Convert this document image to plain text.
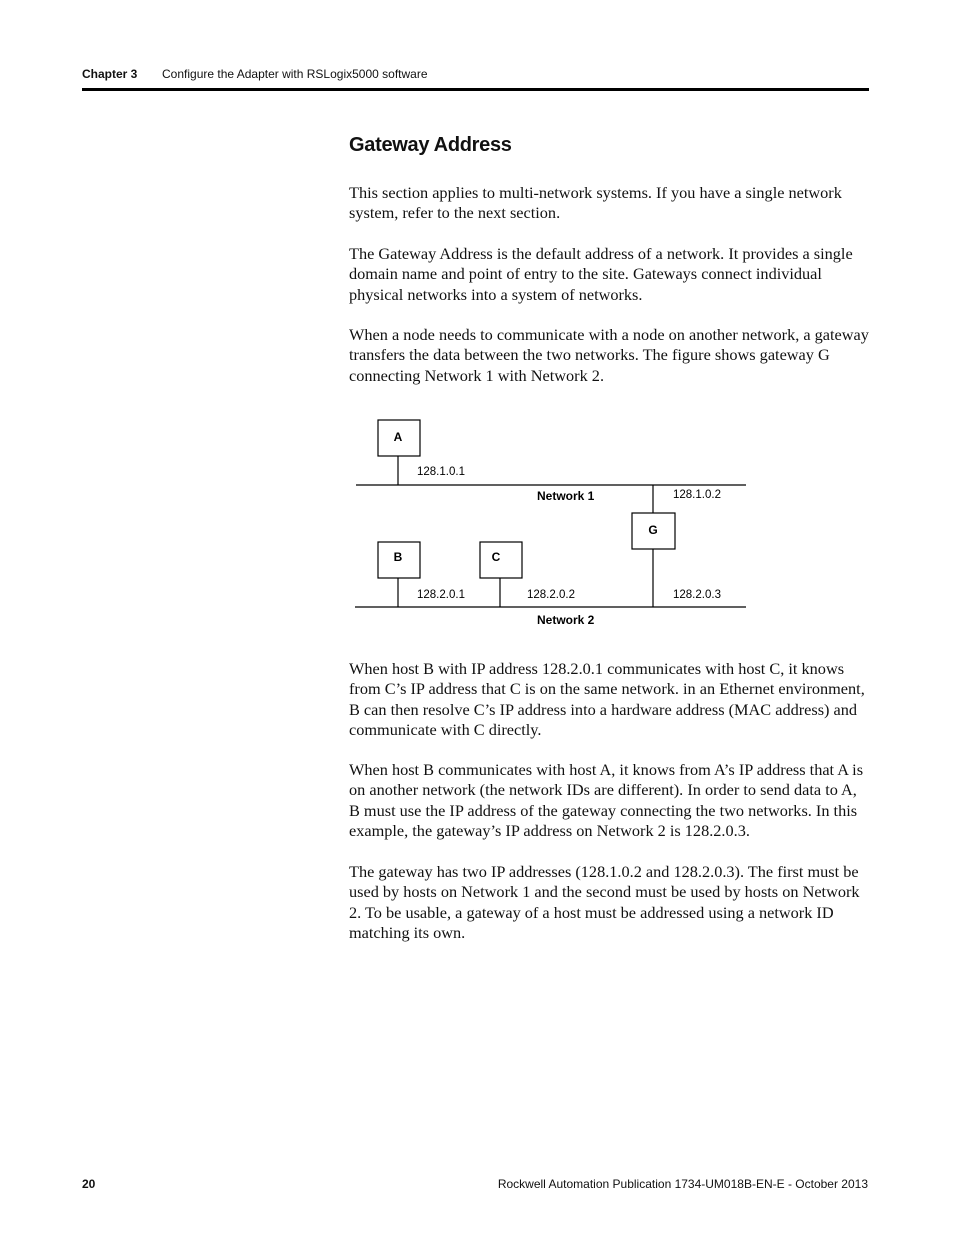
Chapter 3 Configure the Adapter with RSLogix5000 software
Gateway Address

This section applies to multi-network systems. If you have a single network system, refer to the next section.

The Gateway Address is the default address of a network. It provides a single domain name and point of entry to the site. Gateways connect individual physical networks into a system of networks.

When a node needs to communicate with a node on another network, a gateway transfers the data between the two networks. The figure shows gateway G connecting Network 1 with Network 2.

A
128.1.0.1
Network 1	128.1.0.2
G
128.2.0.3
B
128.2.0.1
C
128.2.0.2
Network 2

When host B with IP address 128.2.0.1 communicates with host C, it knows from C’s IP address that C is on the same network. in an Ethernet environment, B can then resolve C’s IP address into a hardware address (MAC address) and communicate with C directly.

When host B communicates with host A, it knows from A’s IP address that A is on another network (the network IDs are different). In order to send data to A, B must use the IP address of the gateway connecting the two networks. In this example, the gateway’s IP address on Network 2 is 128.2.0.3.

The gateway has two IP addresses (128.1.0.2 and 128.2.0.3). The first must be used by hosts on Network 1 and the second must be used by hosts on Network 2. To be usable, a gateway of a host must be addressed using a network ID matching its own.

20	Rockwell Automation Publication 1734-UM018B-EN-E - October 2013
